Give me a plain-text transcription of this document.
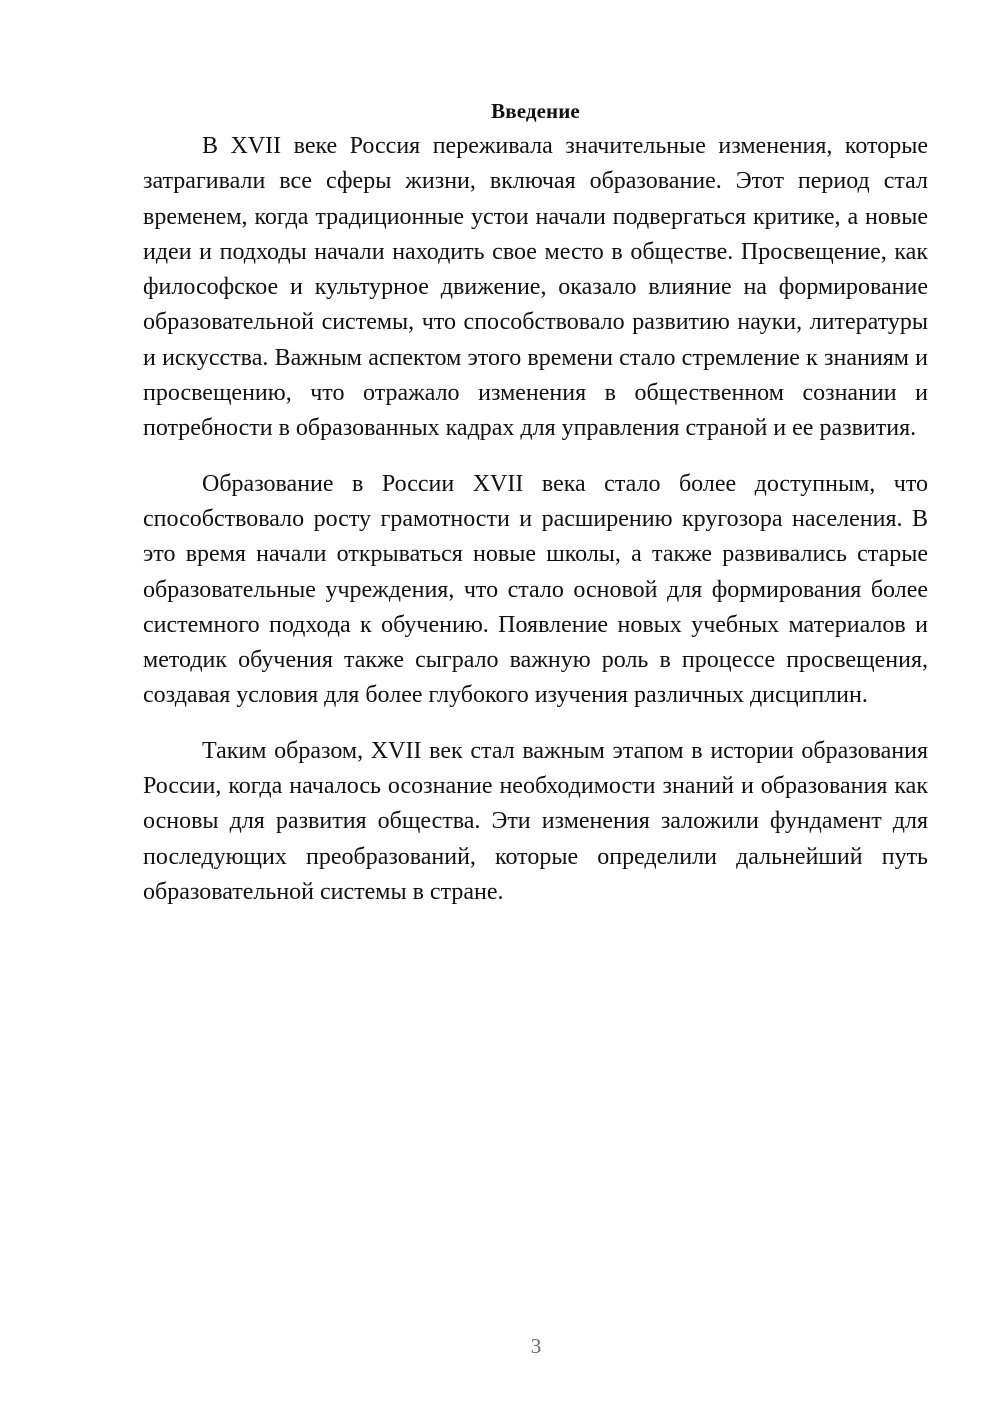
Введение

В XVII веке Россия переживала значительные изменения, которые затрагивали все сферы жизни, включая образование. Этот период стал временем, когда традиционные устои начали подвергаться критике, а новые идеи и подходы начали находить свое место в обществе. Просвещение, как философское и культурное движение, оказало влияние на формирование образовательной системы, что способствовало развитию науки, литературы и искусства. Важным аспектом этого времени стало стремление к знаниям и просвещению, что отражало изменения в общественном сознании и потребности в образованных кадрах для управления страной и ее развития.

Образование в России XVII века стало более доступным, что способствовало росту грамотности и расширению кругозора населения. В это время начали открываться новые школы, а также развивались старые образовательные учреждения, что стало основой для формирования более системного подхода к обучению. Появление новых учебных материалов и методик обучения также сыграло важную роль в процессе просвещения, создавая условия для более глубокого изучения различных дисциплин.

Таким образом, XVII век стал важным этапом в истории образования России, когда началось осознание необходимости знаний и образования как основы для развития общества. Эти изменения заложили фундамент для последующих преобразований, которые определили дальнейший путь образовательной системы в стране.

3
